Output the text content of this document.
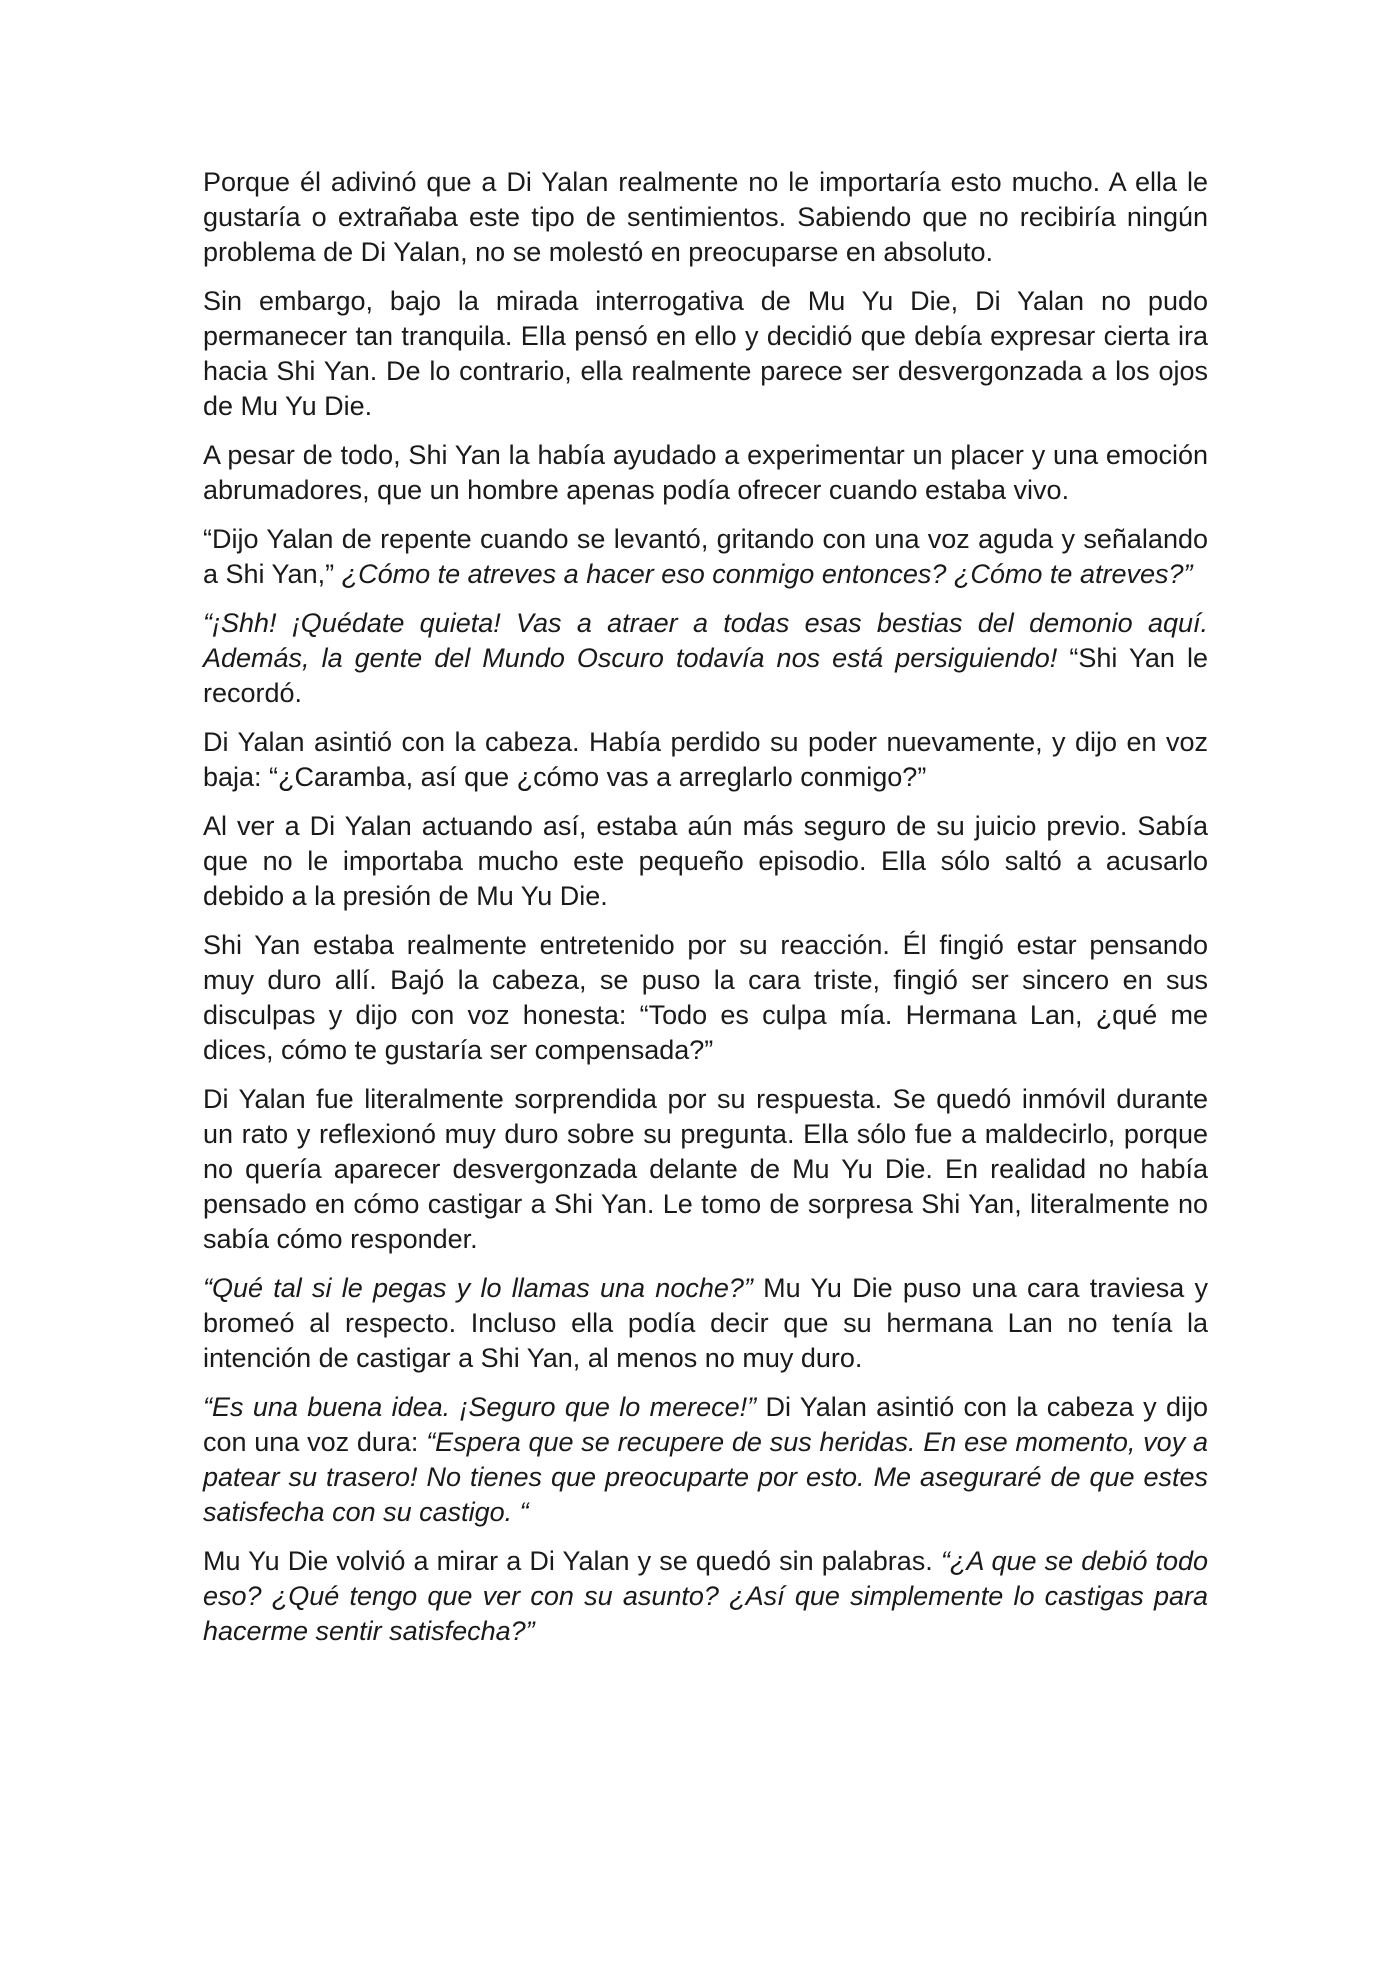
Porque él adivinó que a Di Yalan realmente no le importaría esto mucho. A ella le gustaría o extrañaba este tipo de sentimientos. Sabiendo que no recibiría ningún problema de Di Yalan, no se molestó en preocuparse en absoluto.

Sin embargo, bajo la mirada interrogativa de Mu Yu Die, Di Yalan no pudo permanecer tan tranquila. Ella pensó en ello y decidió que debía expresar cierta ira hacia Shi Yan. De lo contrario, ella realmente parece ser desvergonzada a los ojos de Mu Yu Die.

A pesar de todo, Shi Yan la había ayudado a experimentar un placer y una emoción abrumadores, que un hombre apenas podía ofrecer cuando estaba vivo.

“Dijo Yalan de repente cuando se levantó, gritando con una voz aguda y señalando a Shi Yan,” ¿Cómo te atreves a hacer eso conmigo entonces? ¿Cómo te atreves?”

“¡Shh! ¡Quédate quieta! Vas a atraer a todas esas bestias del demonio aquí. Además, la gente del Mundo Oscuro todavía nos está persiguiendo! “Shi Yan le recordó.

Di Yalan asintió con la cabeza. Había perdido su poder nuevamente, y dijo en voz baja: “¿Caramba, así que ¿cómo vas a arreglarlo conmigo?”

Al ver a Di Yalan actuando así, estaba aún más seguro de su juicio previo. Sabía que no le importaba mucho este pequeño episodio. Ella sólo saltó a acusarlo debido a la presión de Mu Yu Die.

Shi Yan estaba realmente entretenido por su reacción. Él fingió estar pensando muy duro allí. Bajó la cabeza, se puso la cara triste, fingió ser sincero en sus disculpas y dijo con voz honesta: “Todo es culpa mía. Hermana Lan, ¿qué me dices, cómo te gustaría ser compensada?”

Di Yalan fue literalmente sorprendida por su respuesta. Se quedó inmóvil durante un rato y reflexionó muy duro sobre su pregunta. Ella sólo fue a maldecirlo, porque no quería aparecer desvergonzada delante de Mu Yu Die. En realidad no había pensado en cómo castigar a Shi Yan. Le tomo de sorpresa Shi Yan, literalmente no sabía cómo responder.

“Qué tal si le pegas y lo llamas una noche?” Mu Yu Die puso una cara traviesa y bromeó al respecto. Incluso ella podía decir que su hermana Lan no tenía la intención de castigar a Shi Yan, al menos no muy duro.

“Es una buena idea. ¡Seguro que lo merece!” Di Yalan asintió con la cabeza y dijo con una voz dura: “Espera que se recupere de sus heridas. En ese momento, voy a patear su trasero! No tienes que preocuparte por esto. Me aseguraré de que estes satisfecha con su castigo. “

Mu Yu Die volvió a mirar a Di Yalan y se quedó sin palabras. “¿A que se debió todo eso? ¿Qué tengo que ver con su asunto? ¿Así que simplemente lo castigas para hacerme sentir satisfecha?”
